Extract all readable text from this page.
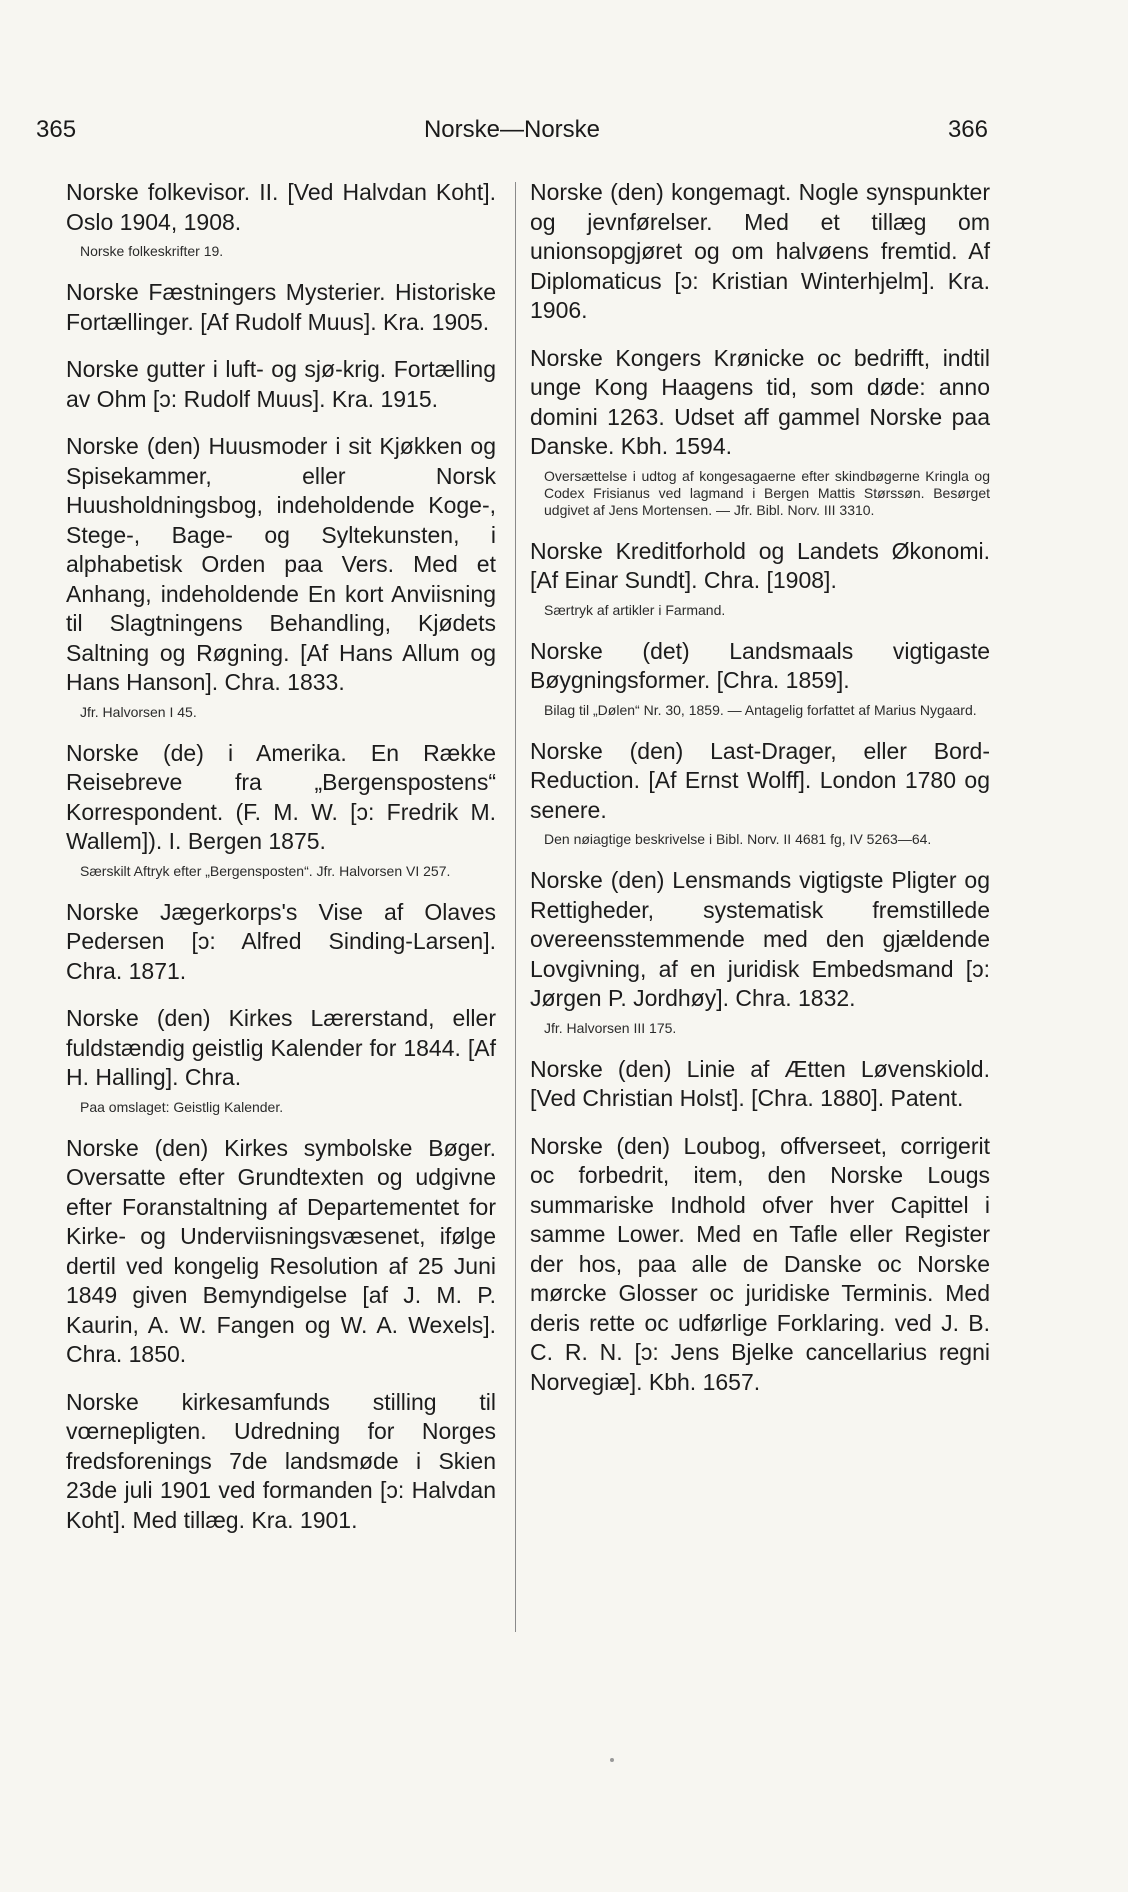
365	Norske—Norske	366

Norske folkevisor. II. [Ved Halvdan Koht]. Oslo 1904, 1908.

Norske folkeskrifter 19.

Norske Fæstningers Mysterier. Historiske Fortællinger. [Af Rudolf Muus]. Kra. 1905.

Norske gutter i luft- og sjø-krig. Fortælling av Ohm [ɔ: Rudolf Muus]. Kra. 1915.

Norske (den) Huusmoder i sit Kjøkken og Spisekammer, eller Norsk Huusholdningsbog, indeholdende Koge-, Stege-, Bage- og Syltekunsten, i alphabetisk Orden paa Vers. Med et Anhang, indeholdende En kort Anviisning til Slagtningens Behandling, Kjødets Saltning og Røgning. [Af Hans Allum og Hans Hanson]. Chra. 1833.

Jfr. Halvorsen I 45.

Norske (de) i Amerika. En Række Reisebreve fra „Bergenspostens“ Korrespondent. (F. M. W. [ɔ: Fredrik M. Wallem]). I. Bergen 1875.

Særskilt Aftryk efter „Bergensposten“. Jfr. Halvorsen VI 257.

Norske Jægerkorps's Vise af Olaves Pedersen [ɔ: Alfred Sinding-Larsen]. Chra. 1871.

Norske (den) Kirkes Lærerstand, eller fuldstændig geistlig Kalender for 1844. [Af H. Halling]. Chra.

Paa omslaget: Geistlig Kalender.

Norske (den) Kirkes symbolske Bøger. Oversatte efter Grundtexten og udgivne efter Foranstaltning af Departementet for Kirke- og Underviisningsvæsenet, ifølge dertil ved kongelig Resolution af 25 Juni 1849 given Bemyndigelse [af J. M. P. Kaurin, A. W. Fangen og W. A. Wexels]. Chra. 1850.

Norske kirkesamfunds stilling til vœrnepligten. Udredning for Norges fredsforenings 7de landsmøde i Skien 23de juli 1901 ved formanden [ɔ: Halvdan Koht]. Med tillæg. Kra. 1901.

Norske (den) kongemagt. Nogle synspunkter og jevnførelser. Med et tillæg om unionsopgjøret og om halvøens fremtid. Af Diplomaticus [ɔ: Kristian Winterhjelm]. Kra. 1906.

Norske Kongers Krønicke oc bedrifft, indtil unge Kong Haagens tid, som døde: anno domini 1263. Udset aff gammel Norske paa Danske. Kbh. 1594.

Oversættelse i udtog af kongesagaerne efter skindbøgerne Kringla og Codex Frisianus ved lagmand i Bergen Mattis Størssøn. Besørget udgivet af Jens Mortensen. — Jfr. Bibl. Norv. III 3310.

Norske Kreditforhold og Landets Økonomi. [Af Einar Sundt]. Chra. [1908].

Særtryk af artikler i Farmand.

Norske (det) Landsmaals vigtigaste Bøygningsformer. [Chra. 1859].

Bilag til „Dølen“ Nr. 30, 1859. — Antagelig forfattet af Marius Nygaard.

Norske (den) Last-Drager, eller Bord-Reduction. [Af Ernst Wolff]. London 1780 og senere.

Den nøiagtige beskrivelse i Bibl. Norv. II 4681 fg, IV 5263—64.

Norske (den) Lensmands vigtigste Pligter og Rettigheder, systematisk fremstillede overeensstemmende med den gjældende Lovgivning, af en juridisk Embedsmand [ɔ: Jørgen P. Jordhøy]. Chra. 1832.

Jfr. Halvorsen III 175.

Norske (den) Linie af Ætten Løvenskiold. [Ved Christian Holst]. [Chra. 1880]. Patent.

Norske (den) Loubog, offverseet, corrigerit oc forbedrit, item, den Norske Lougs summariske Indhold ofver hver Capittel i samme Lower. Med en Tafle eller Register der hos, paa alle de Danske oc Norske mørcke Glosser oc juridiske Terminis. Med deris rette oc udførlige Forklaring. ved J. B. C. R. N. [ɔ: Jens Bjelke cancellarius regni Norvegiæ]. Kbh. 1657.
